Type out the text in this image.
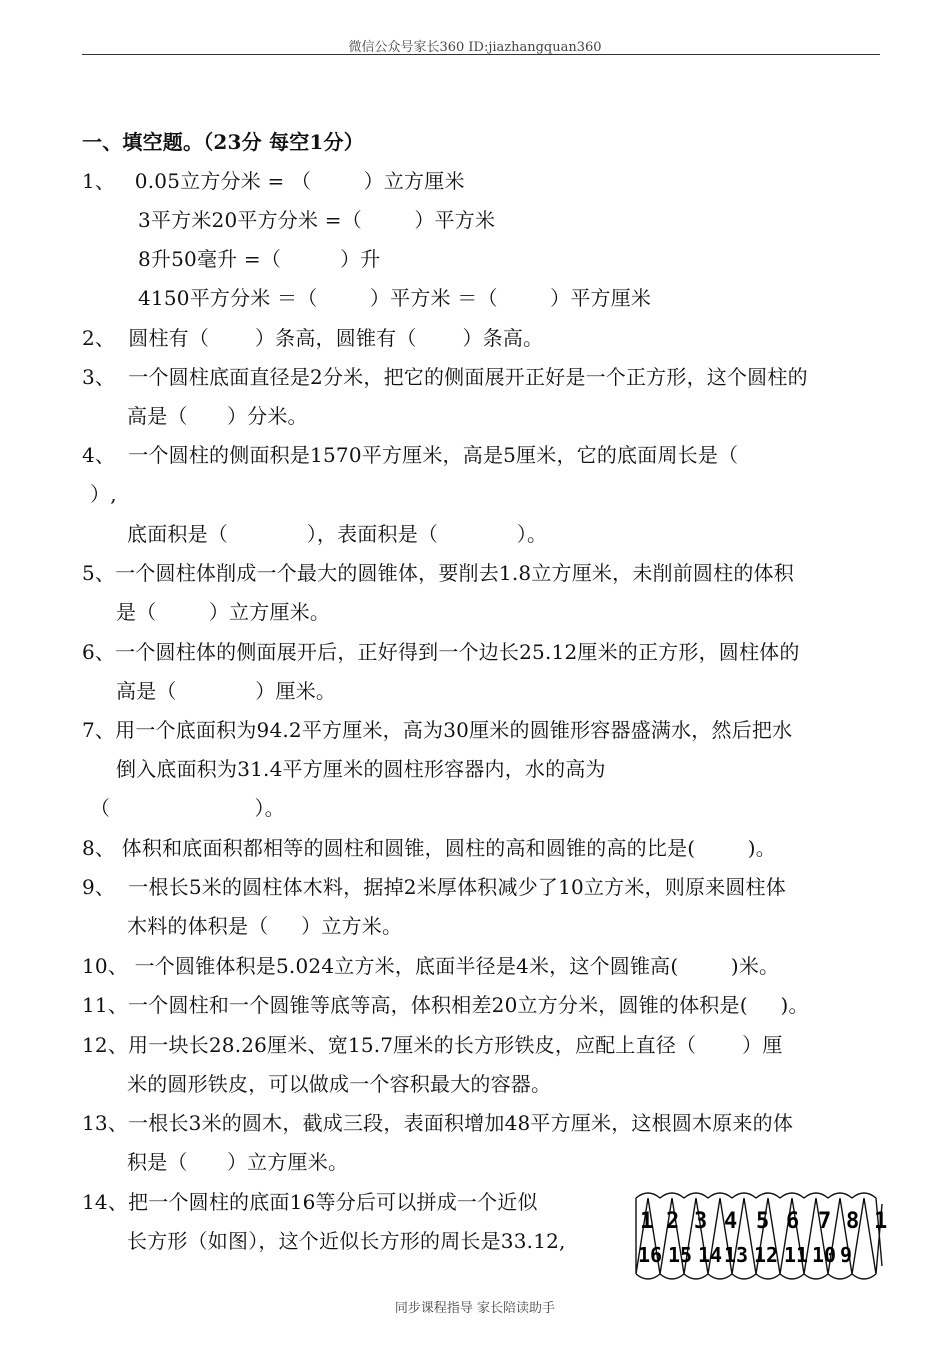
微信公众号家长360 ID:jiazhangquan360
一、填空题。（23分 每空1分）
1、   0.05立方分米 = （        ）立方厘米
3平方米20平方分米 =（        ）平方米
8升50毫升 =（         ）升
4150平方分米 ＝（        ）平方米 ＝（        ）平方厘米
2、  圆柱有（       ）条高，圆锥有（       ）条高。
3、  一个圆柱底面直径是2分米，把它的侧面展开正好是一个正方形，这个圆柱的
高是（      ）分米。
4、  一个圆柱的侧面积是1570平方厘米，高是5厘米，它的底面周长是（
）,
底面积是（            ），表面积是（            ）。
5、一个圆柱体削成一个最大的圆锥体，要削去1.8立方厘米，未削前圆柱的体积
是（        ）立方厘米。
6、一个圆柱体的侧面展开后，正好得到一个边长25.12厘米的正方形，圆柱体的
高是（            ）厘米。
7、用一个底面积为94.2平方厘米，高为30厘米的圆锥形容器盛满水，然后把水
倒入底面积为31.4平方厘米的圆柱形容器内，水的高为
（                      ）。
8、 体积和底面积都相等的圆柱和圆锥，圆柱的高和圆锥的高的比是(        )。
9、  一根长5米的圆柱体木料，据掉2米厚体积减少了10立方米，则原来圆柱体
木料的体积是（     ）立方米。
10、 一个圆锥体积是5.024立方米，底面半径是4米，这个圆锥高(        )米。
11、一个圆柱和一个圆锥等底等高，体积相差20立方分米，圆锥的体积是(     )。
12、用一块长28.26厘米、宽15.7厘米的长方形铁皮，应配上直径（       ）厘
米的圆形铁皮，可以做成一个容积最大的容器。
13、一根长3米的圆木，截成三段，表面积增加48平方厘米，这根圆木原来的体
积是（      ）立方厘米。
14、把一个圆柱的底面16等分后可以拼成一个近似
长方形（如图），这个近似长方形的周长是33.12,
1 2 3 4 5 6 7 8 1
16 15 14 13 12 11 10 9
同步课程指导 家长陪读助手
